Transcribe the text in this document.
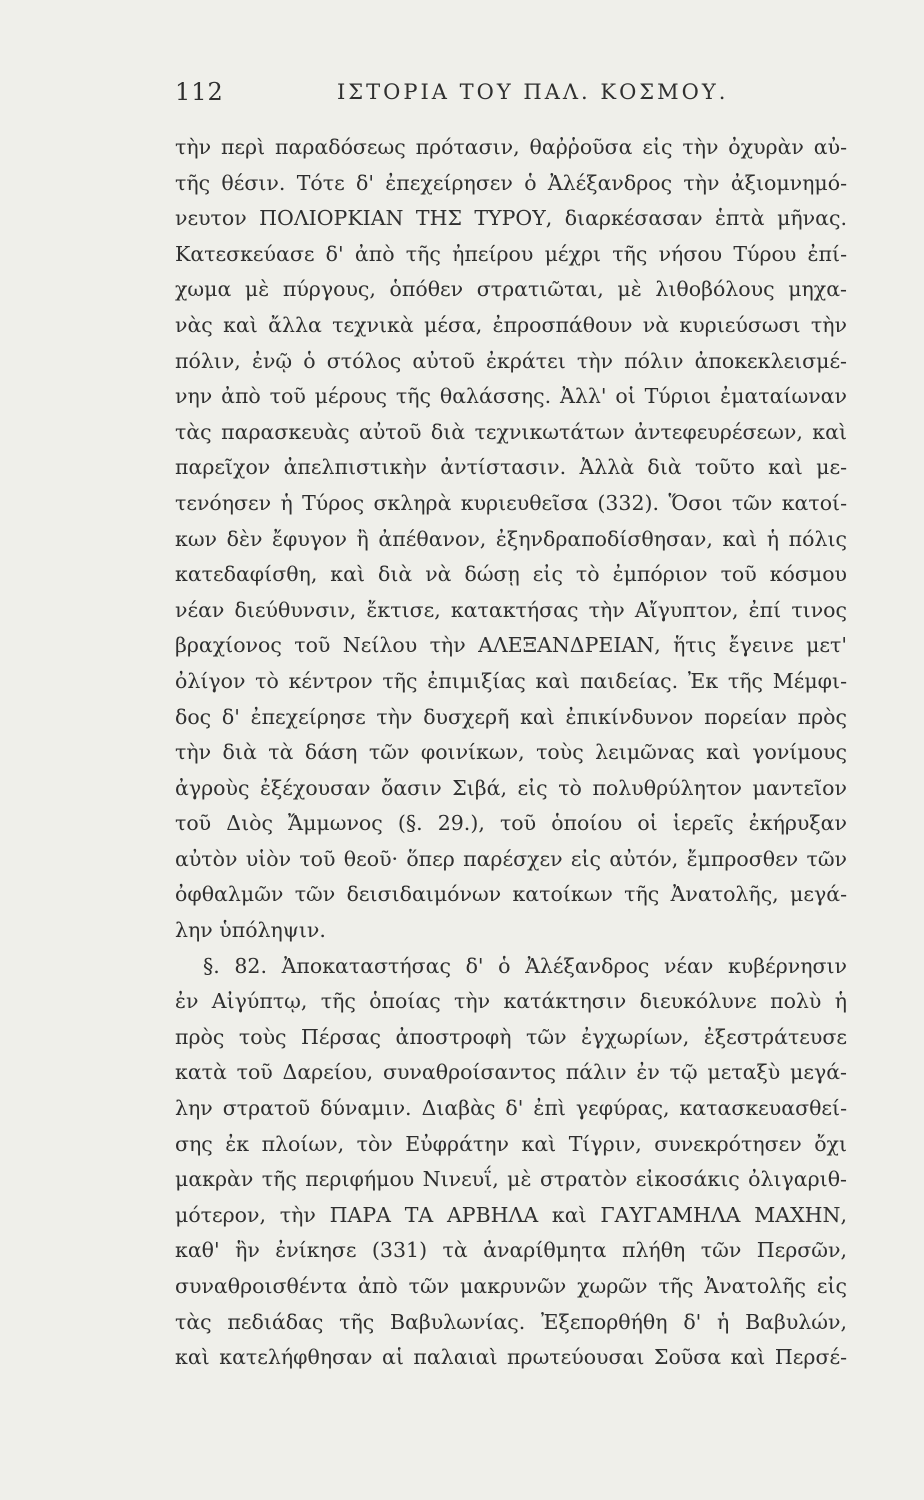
112	ΙΣΤΟΡΙΑ ΤΟΥ ΠΑΛ. ΚΟΣΜΟΥ.
τὴν περὶ παραδόσεως πρότασιν, θαῤῥοῦσα εἰς τὴν ὀχυρὰν αὐ-
τῆς θέσιν. Τότε δ' ἐπεχείρησεν ὁ Ἀλέξανδρος τὴν ἀξιομνημό-
νευτον ΠΟΛΙΟΡΚΙΑΝ ΤΗΣ ΤΥΡΟΥ, διαρκέσασαν ἑπτὰ μῆνας.
Κατεσκεύασε δ' ἀπὸ τῆς ἠπείρου μέχρι τῆς νήσου Τύρου ἐπί-
χωμα μὲ πύργους, ὁπόθεν στρατιῶται, μὲ λιθοβόλους μηχα-
νὰς καὶ ἄλλα τεχνικὰ μέσα, ἐπροσπάθουν νὰ κυριεύσωσι τὴν
πόλιν, ἐνῷ ὁ στόλος αὐτοῦ ἐκράτει τὴν πόλιν ἀποκεκλεισμέ-
νην ἀπὸ τοῦ μέρους τῆς θαλάσσης. Ἀλλ' οἱ Τύριοι ἐματαίωναν
τὰς παρασκευὰς αὐτοῦ διὰ τεχνικωτάτων ἀντεφευρέσεων, καὶ
παρεῖχον ἀπελπιστικὴν ἀντίστασιν. Ἀλλὰ διὰ τοῦτο καὶ με-
τενόησεν ἡ Τύρος σκληρὰ κυριευθεῖσα (332). Ὅσοι τῶν κατοί-
κων δὲν ἔφυγον ἢ ἀπέθανον, ἐξηνδραποδίσθησαν, καὶ ἡ πόλις
κατεδαφίσθη, καὶ διὰ νὰ δώσῃ εἰς τὸ ἐμπόριον τοῦ κόσμου
νέαν διεύθυνσιν, ἔκτισε, κατακτήσας τὴν Αἴγυπτον, ἐπί τινος
βραχίονος τοῦ Νείλου τὴν ΑΛΕΞΑΝΔΡΕΙΑΝ, ἥτις ἔγεινε μετ'
ὀλίγον τὸ κέντρον τῆς ἐπιμιξίας καὶ παιδείας. Ἐκ τῆς Μέμφι-
δος δ' ἐπεχείρησε τὴν δυσχερῆ καὶ ἐπικίνδυνον πορείαν πρὸς
τὴν διὰ τὰ δάση τῶν φοινίκων, τοὺς λειμῶνας καὶ γονίμους
ἀγροὺς ἐξέχουσαν ὄασιν Σιβά, εἰς τὸ πολυθρύλητον μαντεῖον
τοῦ Διὸς Ἄμμωνος (§. 29.), τοῦ ὁποίου οἱ ἱερεῖς ἐκήρυξαν
αὐτὸν υἱὸν τοῦ θεοῦ· ὅπερ παρέσχεν εἰς αὐτόν, ἔμπροσθεν τῶν
ὀφθαλμῶν τῶν δεισιδαιμόνων κατοίκων τῆς Ἀνατολῆς, μεγά-
λην ὑπόληψιν.
§. 82. Ἀποκαταστήσας δ' ὁ Ἀλέξανδρος νέαν κυβέρνησιν
ἐν Αἰγύπτῳ, τῆς ὁποίας τὴν κατάκτησιν διευκόλυνε πολὺ ἡ
πρὸς τοὺς Πέρσας ἀποστροφὴ τῶν ἐγχωρίων, ἐξεστράτευσε
κατὰ τοῦ Δαρείου, συναθροίσαντος πάλιν ἐν τῷ μεταξὺ μεγά-
λην στρατοῦ δύναμιν. Διαβὰς δ' ἐπὶ γεφύρας, κατασκευασθεί-
σης ἐκ πλοίων, τὸν Εὐφράτην καὶ Τίγριν, συνεκρότησεν ὄχι
μακρὰν τῆς περιφήμου Νινευΐ, μὲ στρατὸν εἰκοσάκις ὀλιγαριθ-
μότερον, τὴν ΠΑΡΑ ΤΑ ΑΡΒΗΛΑ καὶ ΓΑΥΓΑΜΗΛΑ ΜΑΧΗΝ,
καθ' ἣν ἐνίκησε (331) τὰ ἀναρίθμητα πλήθη τῶν Περσῶν,
συναθροισθέντα ἀπὸ τῶν μακρυνῶν χωρῶν τῆς Ἀνατολῆς εἰς
τὰς πεδιάδας τῆς Βαβυλωνίας. Ἐξεπορθήθη δ' ἡ Βαβυλών,
καὶ κατελήφθησαν αἱ παλαιαὶ πρωτεύουσαι Σοῦσα καὶ Περσέ-
